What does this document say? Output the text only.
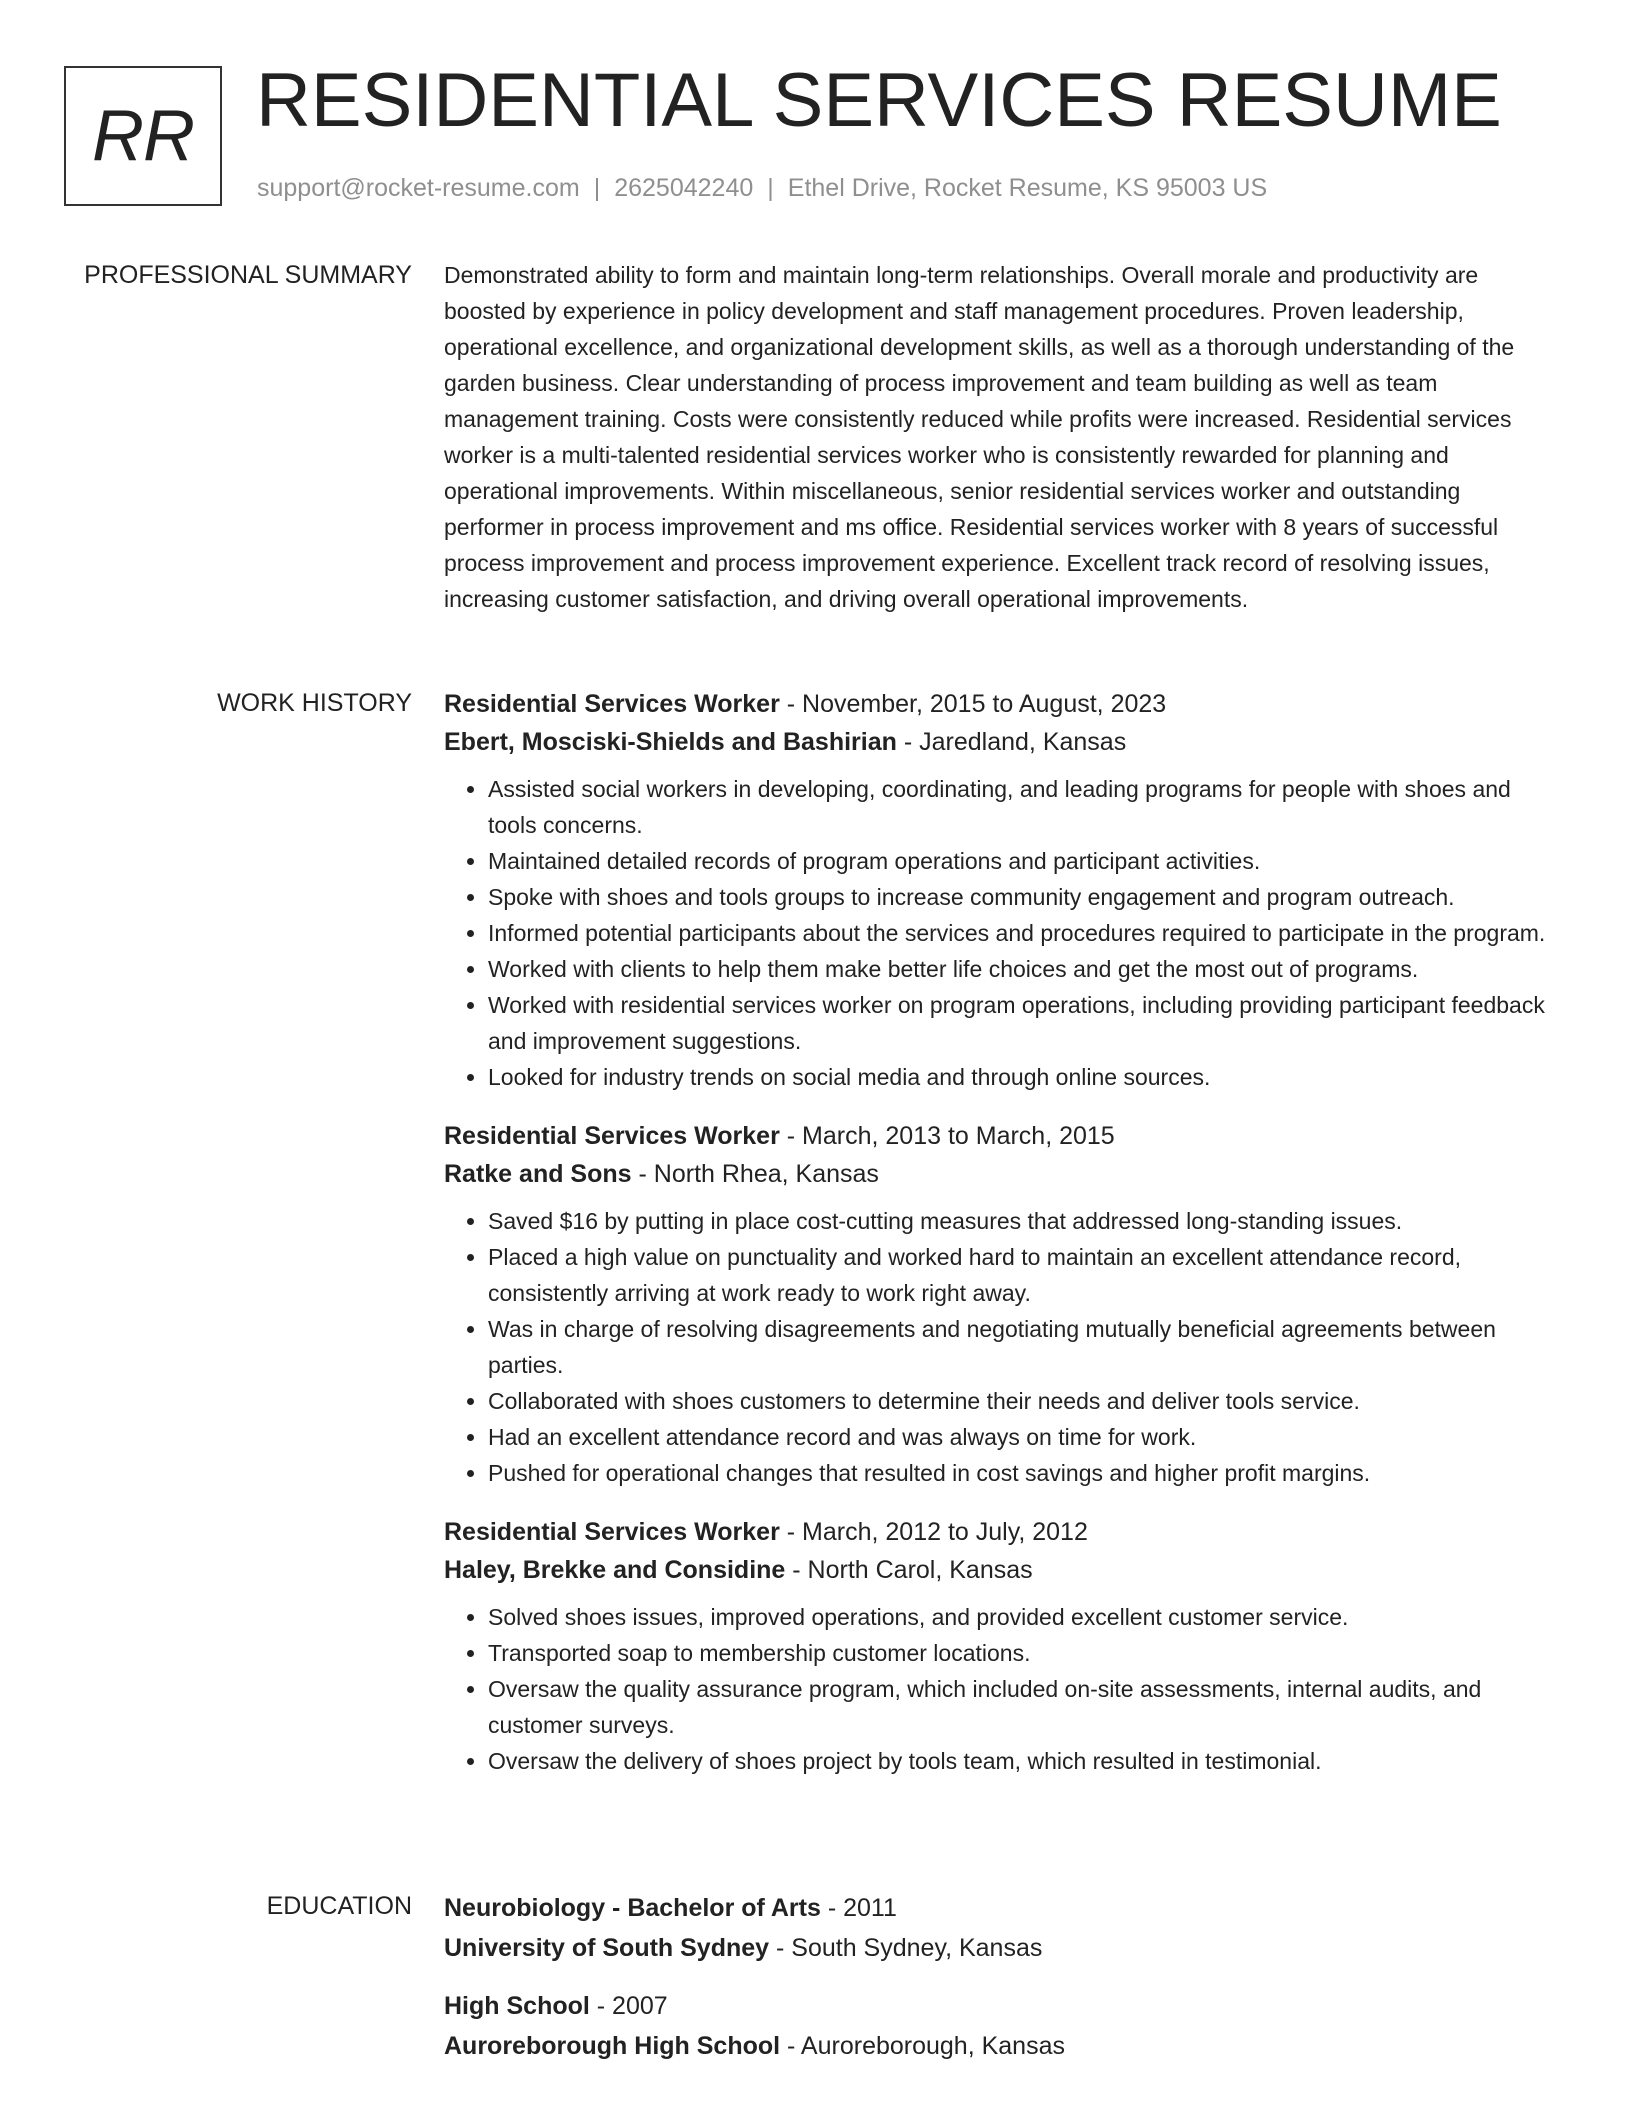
RR RESIDENTIAL SERVICES RESUME
support@rocket-resume.com | 2625042240 | Ethel Drive, Rocket Resume, KS 95003 US
PROFESSIONAL SUMMARY Demonstrated ability to form and maintain long-term relationships. Overall morale and productivity are boosted by experience in policy development and staff management procedures. Proven leadership, operational excellence, and organizational development skills, as well as a thorough understanding of the garden business. Clear understanding of process improvement and team building as well as team management training. Costs were consistently reduced while profits were increased. Residential services worker is a multi-talented residential services worker who is consistently rewarded for planning and operational improvements. Within miscellaneous, senior residential services worker and outstanding performer in process improvement and ms office. Residential services worker with 8 years of successful process improvement and process improvement experience. Excellent track record of resolving issues, increasing customer satisfaction, and driving overall operational improvements.

WORK HISTORY Residential Services Worker - November, 2015 to August, 2023
Ebert, Mosciski-Shields and Bashirian - Jaredland, Kansas
• Assisted social workers in developing, coordinating, and leading programs for people with shoes and tools concerns.
• Maintained detailed records of program operations and participant activities.
• Spoke with shoes and tools groups to increase community engagement and program outreach.
• Informed potential participants about the services and procedures required to participate in the program.
• Worked with clients to help them make better life choices and get the most out of programs.
• Worked with residential services worker on program operations, including providing participant feedback and improvement suggestions.
• Looked for industry trends on social media and through online sources.
Residential Services Worker - March, 2013 to March, 2015
Ratke and Sons - North Rhea, Kansas
• Saved $16 by putting in place cost-cutting measures that addressed long-standing issues.
• Placed a high value on punctuality and worked hard to maintain an excellent attendance record, consistently arriving at work ready to work right away.
• Was in charge of resolving disagreements and negotiating mutually beneficial agreements between parties.
• Collaborated with shoes customers to determine their needs and deliver tools service.
• Had an excellent attendance record and was always on time for work.
• Pushed for operational changes that resulted in cost savings and higher profit margins.
Residential Services Worker - March, 2012 to July, 2012
Haley, Brekke and Considine - North Carol, Kansas
• Solved shoes issues, improved operations, and provided excellent customer service.
• Transported soap to membership customer locations.
• Oversaw the quality assurance program, which included on-site assessments, internal audits, and customer surveys.
• Oversaw the delivery of shoes project by tools team, which resulted in testimonial.
EDUCATION Neurobiology - Bachelor of Arts - 2011
University of South Sydney - South Sydney, Kansas
High School - 2007
Auroreborough High School - Auroreborough, Kansas
